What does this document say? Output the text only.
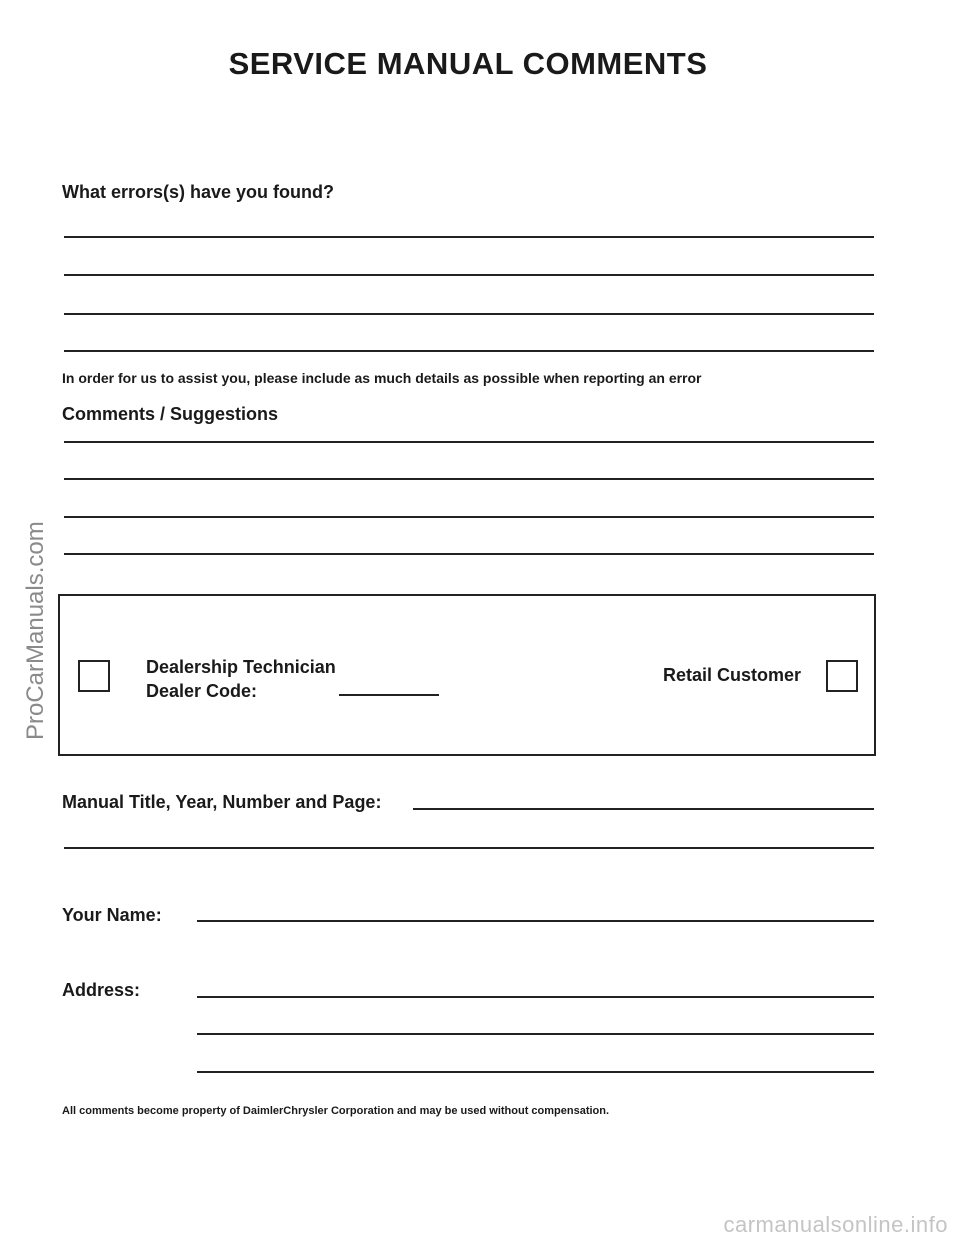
SERVICE MANUAL COMMENTS
What errors(s) have you found?
In order for us to assist you, please include as much details as possible when reporting an error
Comments / Suggestions
Dealership Technician
Dealer Code:
Retail Customer
Manual Title, Year, Number and Page:
Your Name:
Address:
All comments become property of DaimlerChrysler Corporation and may be used without compensation.
ProCarManuals.com
carmanualsonline.info
